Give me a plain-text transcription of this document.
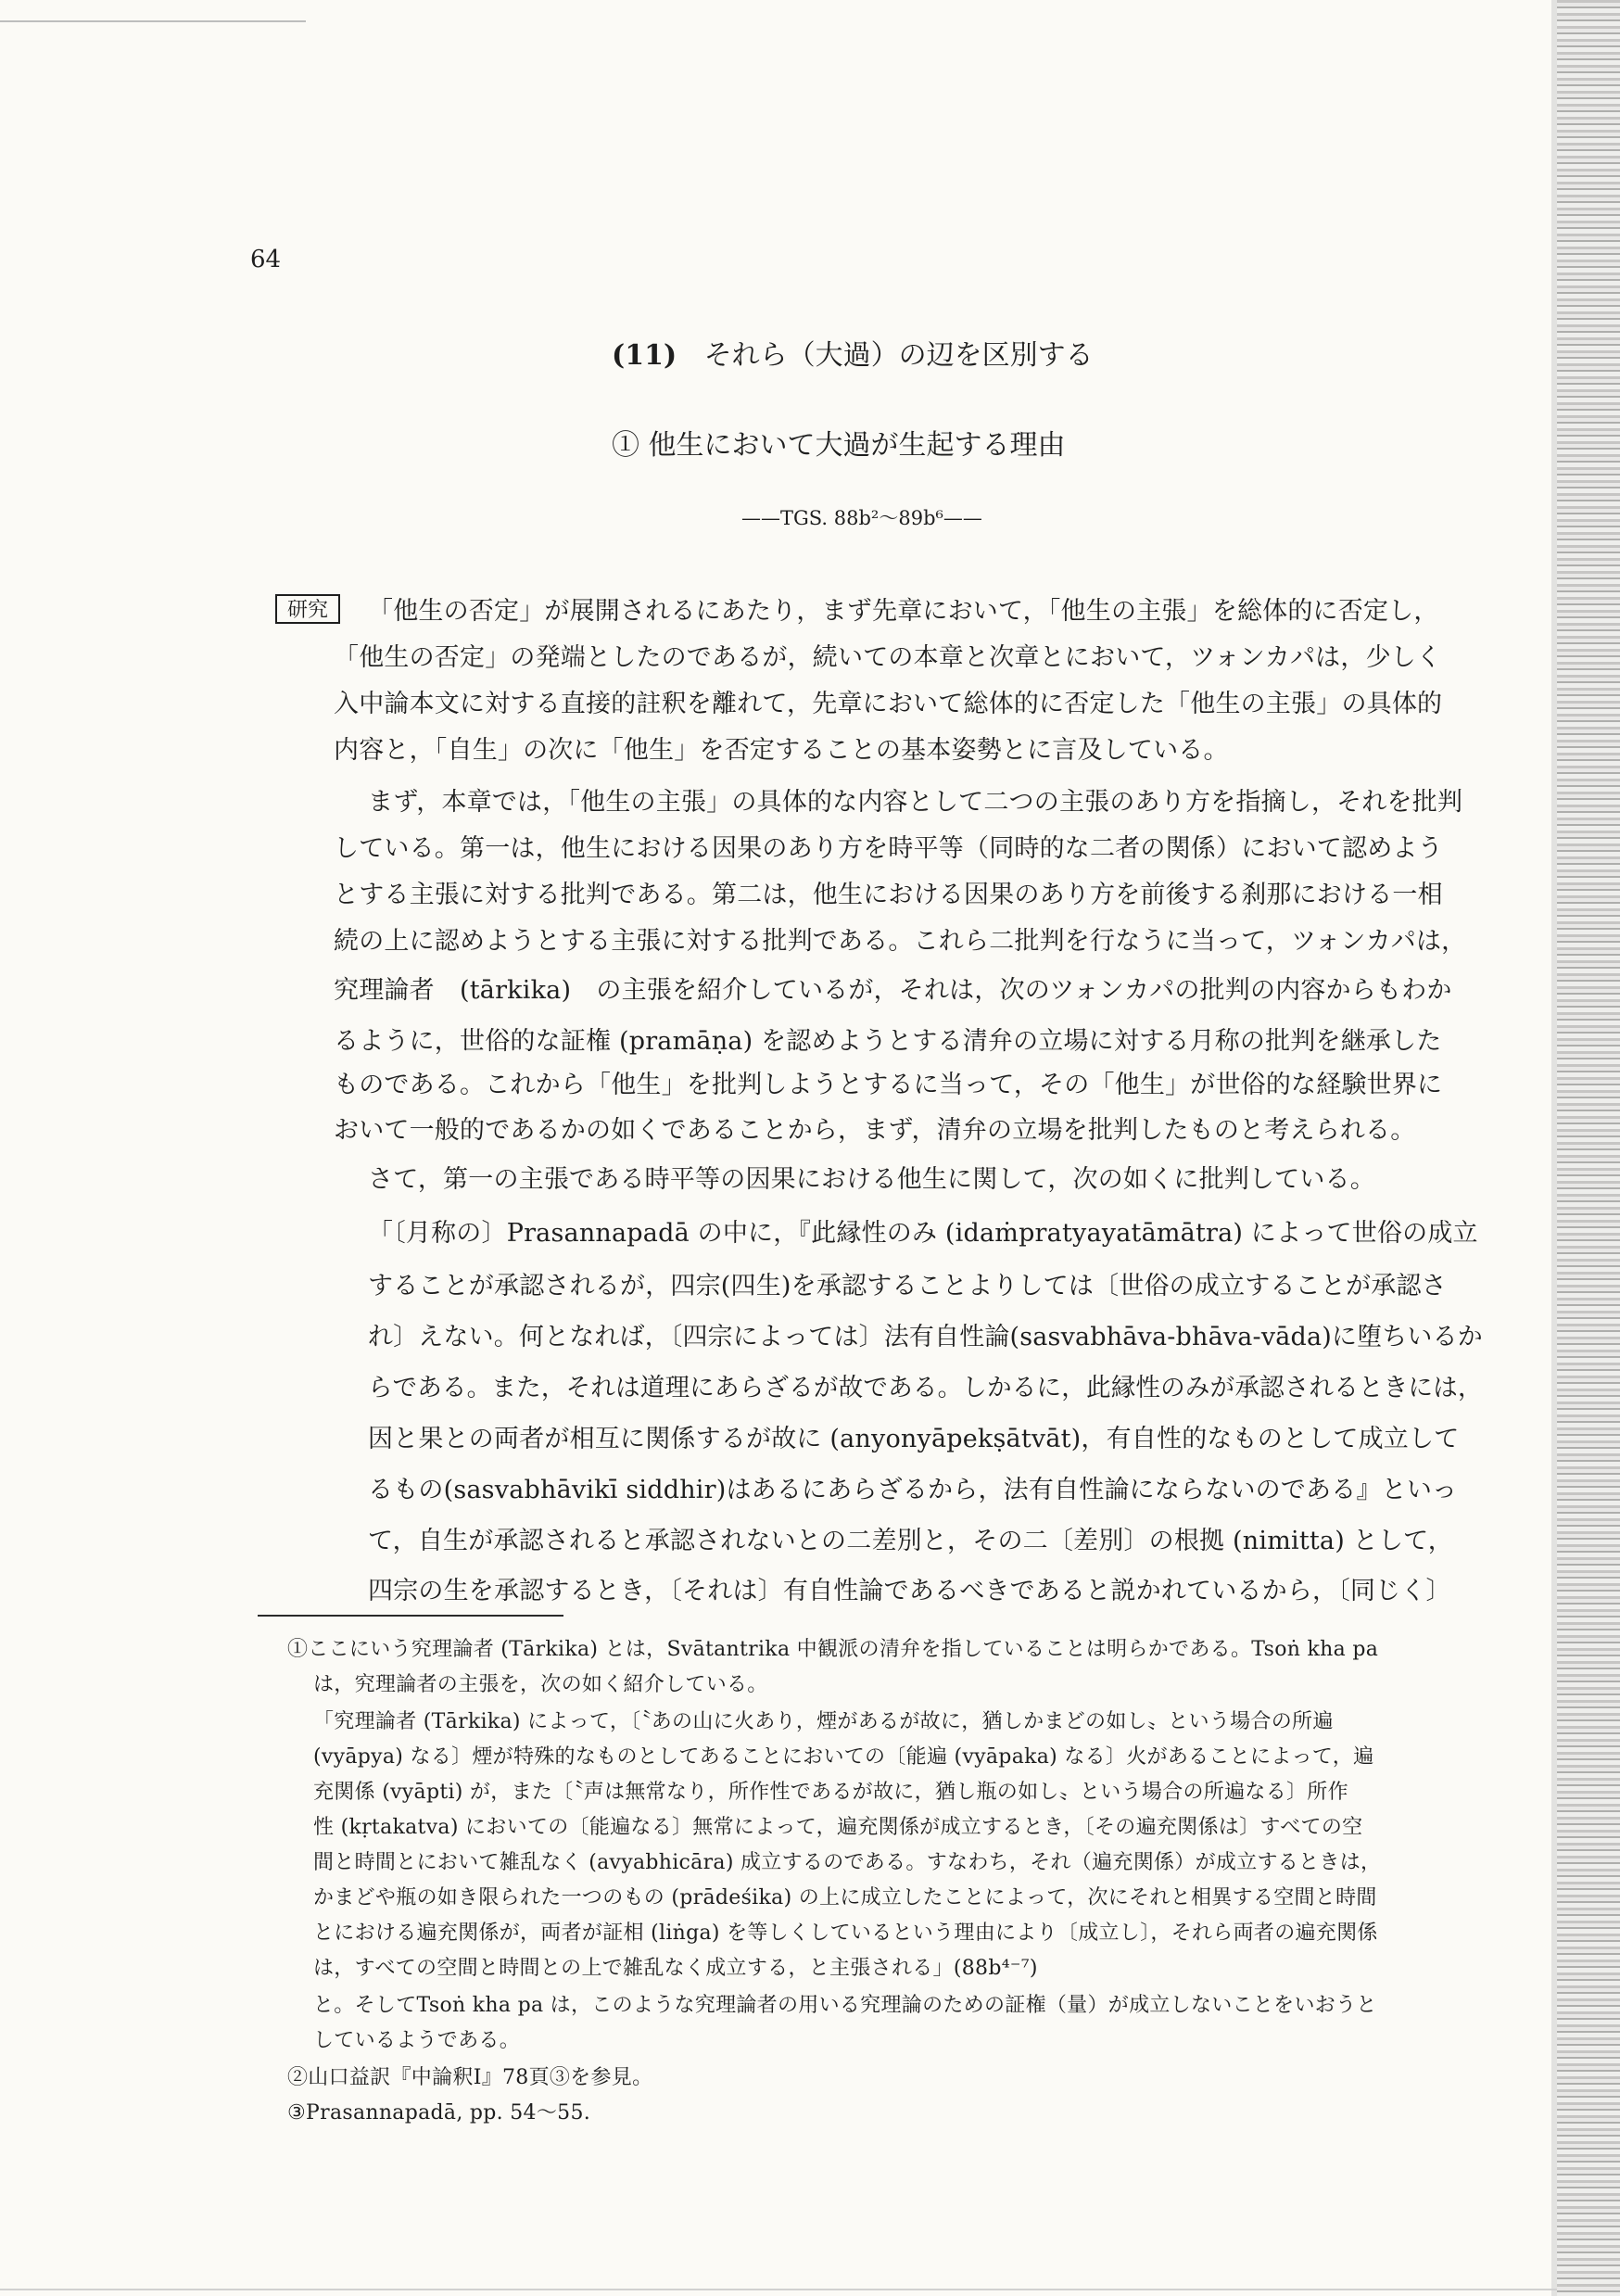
64
(11) それら（大過）の辺を区別する
① 他生において大過が生起する理由
——TGS. 88b²〜89b⁶——
研究	「他生の否定」が展開されるにあたり，まず先章において，「他生の主張」を総体的に否定し，
「他生の否定」の発端としたのであるが，続いての本章と次章とにおいて，ツォンカパは，少しく
入中論本文に対する直接的註釈を離れて，先章において総体的に否定した「他生の主張」の具体的
内容と，「自生」の次に「他生」を否定することの基本姿勢とに言及している。
まず，本章では，「他生の主張」の具体的な内容として二つの主張のあり方を指摘し，それを批判
している。第一は，他生における因果のあり方を時平等（同時的な二者の関係）において認めよう
とする主張に対する批判である。第二は，他生における因果のあり方を前後する刹那における一相
続の上に認めようとする主張に対する批判である。これら二批判を行なうに当って，ツォンカパは，
究理論者　(tārkika)　の主張を紹介しているが，それは，次のツォンカパの批判の内容からもわか
るように，世俗的な証権 (pramāṇa) を認めようとする清弁の立場に対する月称の批判を継承した
ものである。これから「他生」を批判しようとするに当って，その「他生」が世俗的な経験世界に
おいて一般的であるかの如くであることから，まず，清弁の立場を批判したものと考えられる。
さて，第一の主張である時平等の因果における他生に関して，次の如くに批判している。
「〔月称の〕Prasannapadā の中に，『此縁性のみ (idaṁpratyayatāmātra) によって世俗の成立
することが承認されるが，四宗(四生)を承認することよりしては〔世俗の成立することが承認さ
れ〕えない。何となれば，〔四宗によっては〕法有自性論(sasvabhāva-bhāva-vāda)に堕ちいるか
らである。また，それは道理にあらざるが故である。しかるに，此縁性のみが承認されるときには，
因と果との両者が相互に関係するが故に (anyonyāpekṣātvāt)，有自性的なものとして成立して
るもの(sasvabhāvikī siddhir)はあるにあらざるから，法有自性論にならないのである』といっ
て，自生が承認されると承認されないとの二差別と，その二〔差別〕の根拠 (nimitta) として，
四宗の生を承認するとき，〔それは〕有自性論であるべきであると説かれているから，〔同じく〕
①ここにいう究理論者 (Tārkika) とは，Svātantrika 中観派の清弁を指していることは明らかである。Tsoṅ kha pa
は，究理論者の主張を，次の如く紹介している。
「究理論者 (Tārkika) によって，〔〝あの山に火あり，煙があるが故に，猶しかまどの如し〟という場合の所遍
(vyāpya) なる〕煙が特殊的なものとしてあることにおいての〔能遍 (vyāpaka) なる〕火があることによって，遍
充関係 (vyāpti) が，また〔〝声は無常なり，所作性であるが故に，猶し瓶の如し〟という場合の所遍なる〕所作
性 (kṛtakatva) においての〔能遍なる〕無常によって，遍充関係が成立するとき，〔その遍充関係は〕すべての空
間と時間とにおいて雑乱なく (avyabhicāra) 成立するのである。すなわち，それ（遍充関係）が成立するときは，
かまどや瓶の如き限られた一つのもの (prādeśika) の上に成立したことによって，次にそれと相異する空間と時間
とにおける遍充関係が，両者が証相 (liṅga) を等しくしているという理由により〔成立し〕，それら両者の遍充関係
は，すべての空間と時間との上で雑乱なく成立する，と主張される」(88b⁴⁻⁷)
と。そしてTsoṅ kha pa は，このような究理論者の用いる究理論のための証権（量）が成立しないことをいおうと
しているようである。
②山口益訳『中論釈Ⅰ』78頁③を参見。
③Prasannapadā, pp. 54〜55.
